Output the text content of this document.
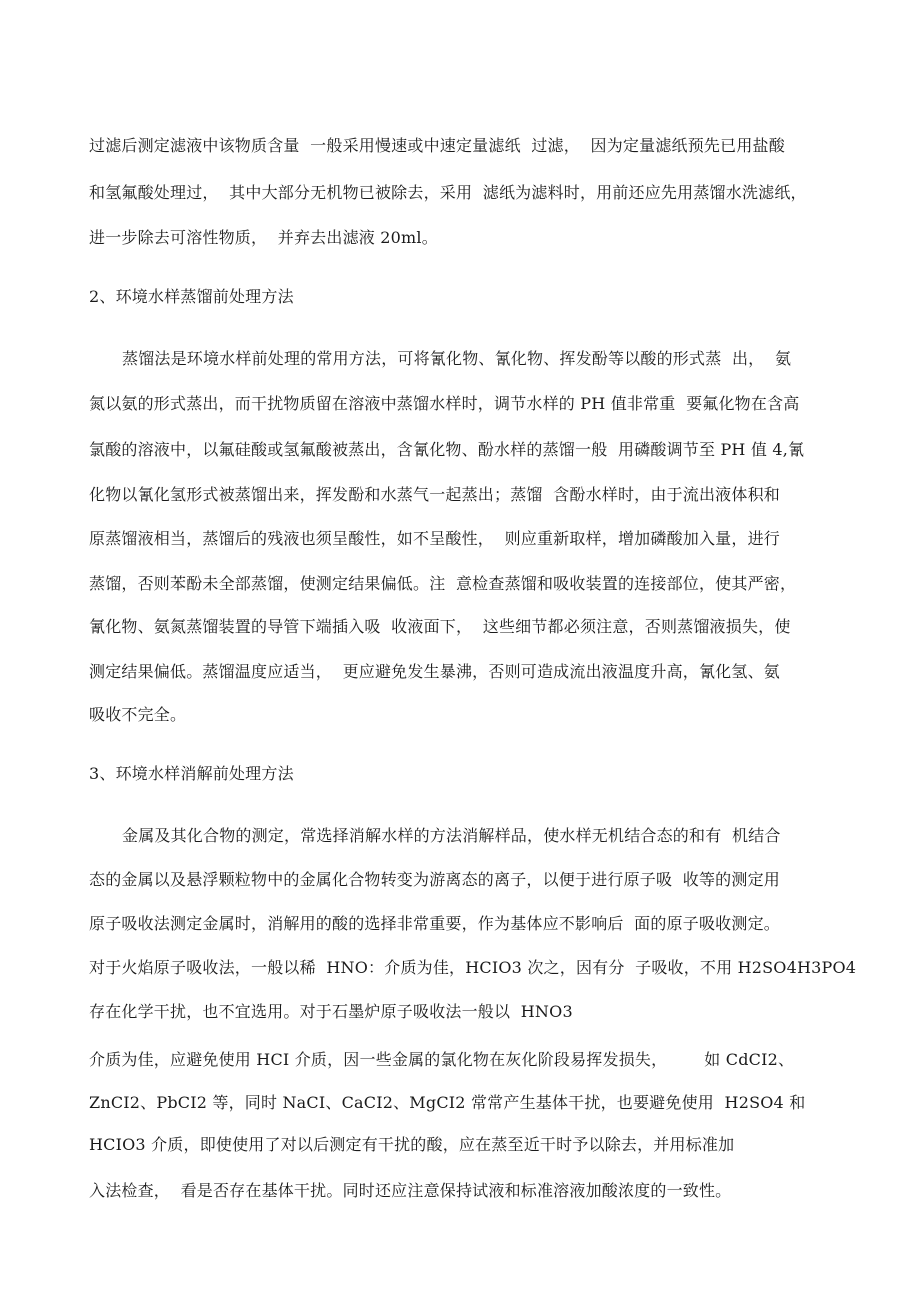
过滤后测定滤液中该物质含量  一般采用慢速或中速定量滤纸  过滤，  因为定量滤纸预先已用盐酸
和氢氟酸处理过，  其中大部分无机物已被除去，采用  滤纸为滤料时，用前还应先用蒸馏水洗滤纸，
进一步除去可溶性物质，  并弃去出滤液 20ml。
2、环境水样蒸馏前处理方法
蒸馏法是环境水样前处理的常用方法，可将氰化物、氰化物、挥发酚等以酸的形式蒸  出，  氨
氮以氨的形式蒸出，而干扰物质留在溶液中蒸馏水样时，调节水样的 PH 值非常重  要氟化物在含高
氯酸的溶液中，以氟硅酸或氢氟酸被蒸出，含氰化物、酚水样的蒸馏一般  用磷酸调节至 PH 值 4,氰
化物以氰化氢形式被蒸馏出来，挥发酚和水蒸气一起蒸出；蒸馏  含酚水样时，由于流出液体积和
原蒸馏液相当，蒸馏后的残液也须呈酸性，如不呈酸性，  则应重新取样，增加磷酸加入量，进行
蒸馏，否则苯酚未全部蒸馏，使测定结果偏低。注  意检查蒸馏和吸收装置的连接部位，使其严密，
氰化物、氨氮蒸馏装置的导管下端插入吸  收液面下，  这些细节都必须注意，否则蒸馏液损失，使
测定结果偏低。蒸馏温度应适当，  更应避免发生暴沸，否则可造成流出液温度升高，氰化氢、氨
吸收不完全。
3、环境水样消解前处理方法
金属及其化合物的测定，常选择消解水样的方法消解样品，使水样无机结合态的和有  机结合
态的金属以及悬浮颗粒物中的金属化合物转变为游离态的离子，以便于进行原子吸  收等的测定用
原子吸收法测定金属时，消解用的酸的选择非常重要，作为基体应不影响后  面的原子吸收测定。
对于火焰原子吸收法，一般以稀  HNO：介质为佳，HCIO3 次之，因有分  子吸收，不用 H2SO4H3PO4
存在化学干扰，也不宜选用。对于石墨炉原子吸收法一般以  HNO3
介质为佳，应避免使用 HCI 介质，因一些金属的氯化物在灰化阶段易挥发损失，       如 CdCI2、
ZnCI2、PbCI2 等，同时 NaCI、CaCI2、MgCI2 常常产生基体干扰，也要避免使用  H2SO4 和
HCIO3 介质，即使使用了对以后测定有干扰的酸，应在蒸至近干时予以除去，并用标准加
入法检查，  看是否存在基体干扰。同时还应注意保持试液和标准溶液加酸浓度的一致性。
